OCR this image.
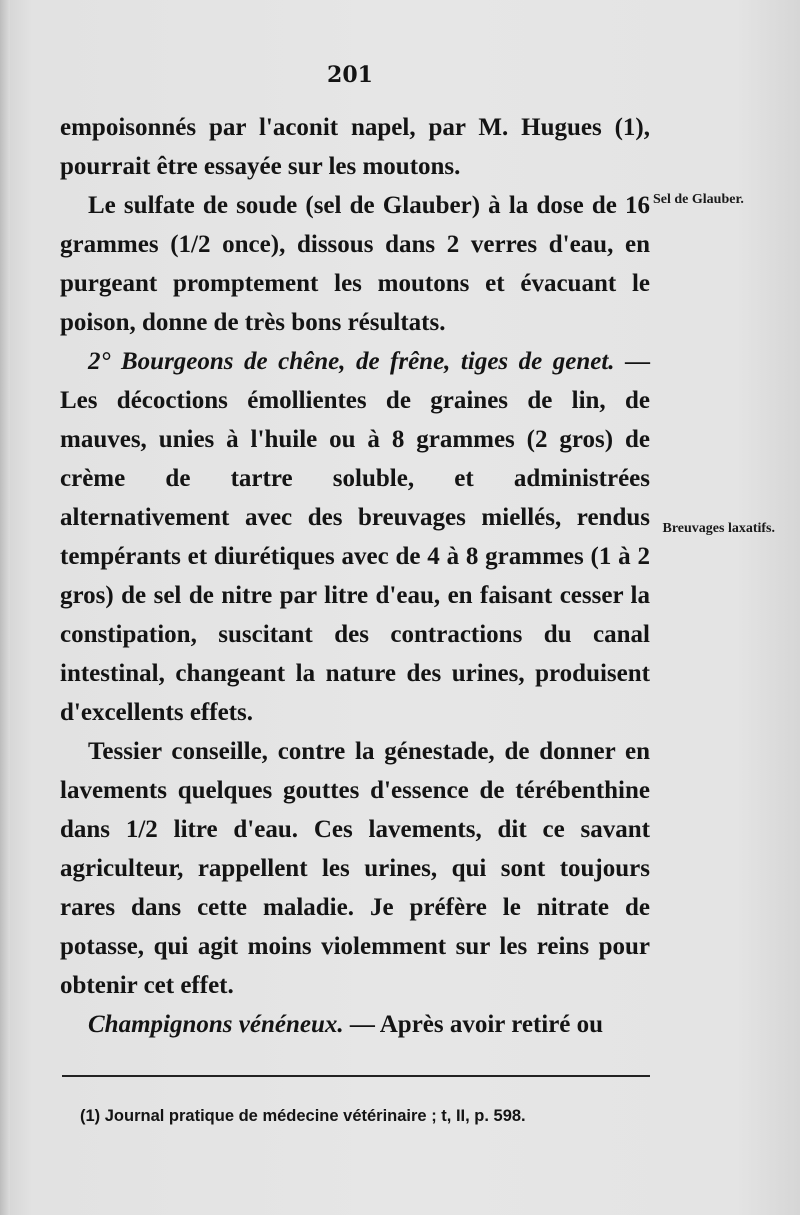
201

empoisonnés par l'aconit napel, par M. Hugues (1), pourrait être essayée sur les moutons.

Le sulfate de soude (sel de Glauber) à la dose de 16 grammes (1/2 once), dissous dans 2 verres d'eau, en purgeant promptement les moutons et évacuant le poison, donne de très bons résultats.

2° Bourgeons de chêne, de frêne, tiges de genet. — Les décoctions émollientes de graines de lin, de mauves, unies à l'huile ou à 8 grammes (2 gros) de crème de tartre soluble, et administrées alternativement avec des breuvages miellés, rendus tempérants et diurétiques avec de 4 à 8 grammes (1 à 2 gros) de sel de nitre par litre d'eau, en faisant cesser la constipation, suscitant des contractions du canal intestinal, changeant la nature des urines, produisent d'excellents effets.

Tessier conseille, contre la génestade, de donner en lavements quelques gouttes d'essence de térébenthine dans 1/2 litre d'eau. Ces lavements, dit ce savant agriculteur, rappellent les urines, qui sont toujours rares dans cette maladie. Je préfère le nitrate de potasse, qui agit moins violemment sur les reins pour obtenir cet effet.

Champignons vénéneux. — Après avoir retiré ou

Sel de Glauber.
Breuvages laxatifs.
(1) Journal pratique de médecine vétérinaire ; t, II, p. 598.
